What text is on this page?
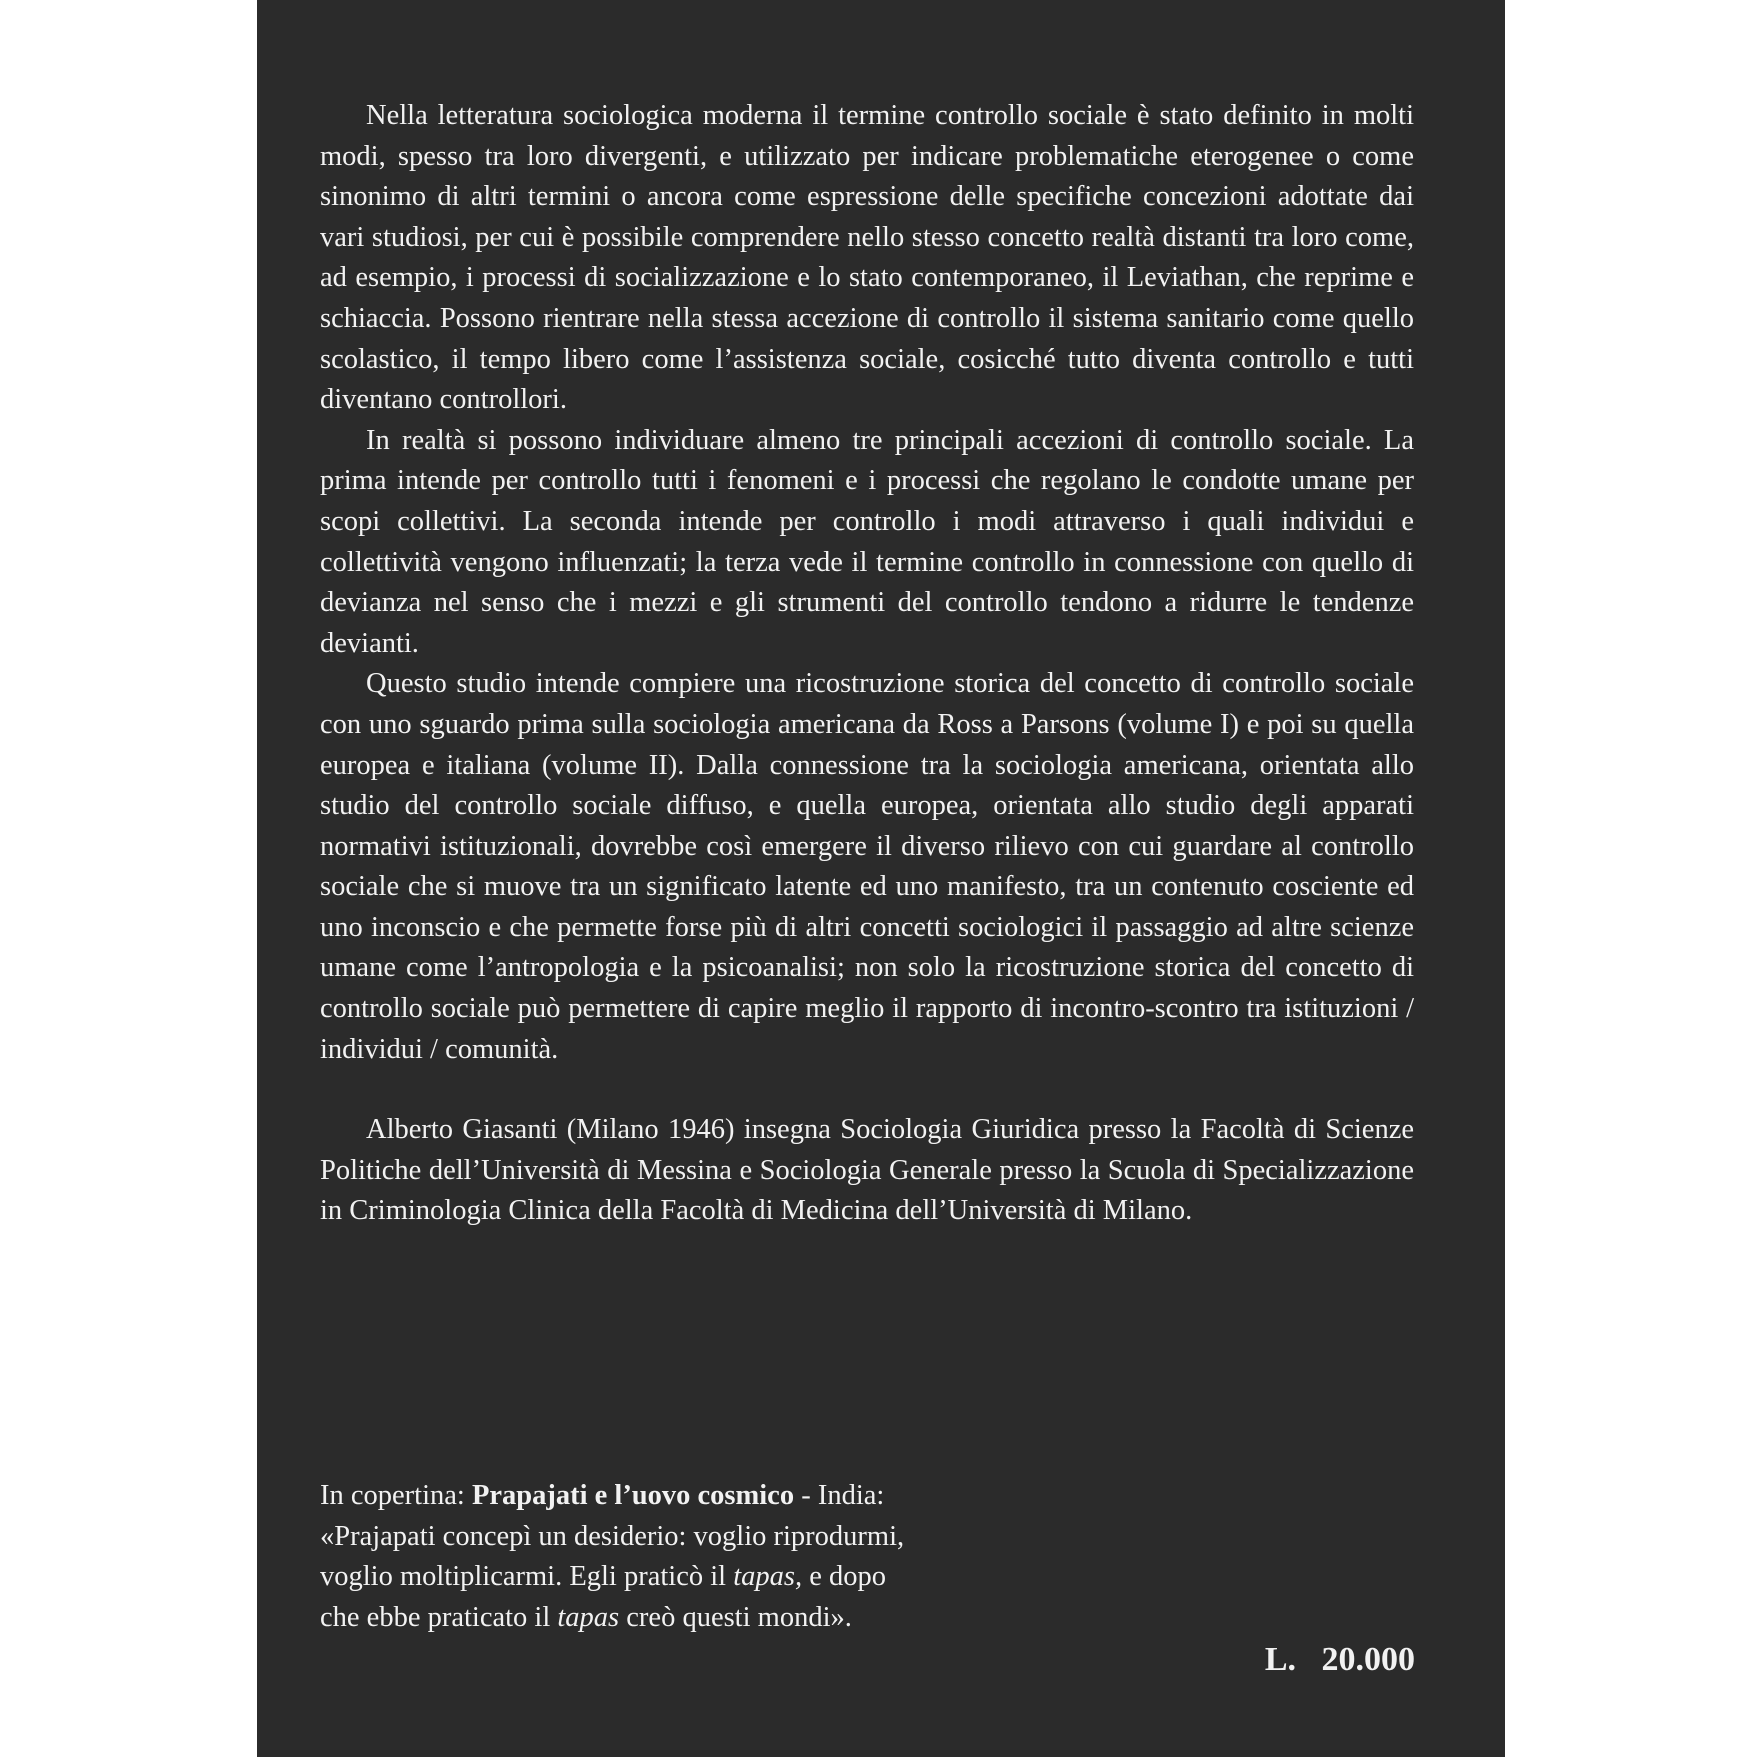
Nella letteratura sociologica moderna il termine controllo sociale è stato definito in molti modi, spesso tra loro divergenti, e utilizzato per indicare problematiche eterogenee o come sinonimo di altri termini o ancora come espressione delle specifiche concezioni adottate dai vari studiosi, per cui è possibile comprendere nello stesso concetto realtà distanti tra loro come, ad esempio, i processi di socializzazione e lo stato contemporaneo, il Leviathan, che reprime e schiaccia. Possono rientrare nella stessa accezione di controllo il sistema sanitario come quello scolastico, il tempo libero come l’assistenza sociale, cosicché tutto diventa controllo e tutti diventano controllori.

In realtà si possono individuare almeno tre principali accezioni di controllo sociale. La prima intende per controllo tutti i fenomeni e i processi che regolano le condotte umane per scopi collettivi. La seconda intende per controllo i modi attraverso i quali individui e collettività vengono influenzati; la terza vede il termine controllo in connessione con quello di devianza nel senso che i mezzi e gli strumenti del controllo tendono a ridurre le tendenze devianti.

Questo studio intende compiere una ricostruzione storica del concetto di controllo sociale con uno sguardo prima sulla sociologia americana da Ross a Parsons (volume I) e poi su quella europea e italiana (volume II). Dalla connessione tra la sociologia americana, orientata allo studio del controllo sociale diffuso, e quella europea, orientata allo studio degli apparati normativi istituzionali, dovrebbe così emergere il diverso rilievo con cui guardare al controllo sociale che si muove tra un significato latente ed uno manifesto, tra un contenuto cosciente ed uno inconscio e che permette forse più di altri concetti sociologici il passaggio ad altre scienze umane come l’antropologia e la psicoanalisi; non solo la ricostruzione storica del concetto di controllo sociale può permettere di capire meglio il rapporto di incontro-scontro tra istituzioni / individui / comunità.

Alberto Giasanti (Milano 1946) insegna Sociologia Giuridica presso la Facoltà di Scienze Politiche dell’Università di Messina e Sociologia Generale presso la Scuola di Specializzazione in Criminologia Clinica della Facoltà di Medicina dell’Università di Milano.

In copertina: Prapajati e l’uovo cosmico - India:
«Prajapati concepì un desiderio: voglio riprodurmi,
voglio moltiplicarmi. Egli praticò il tapas, e dopo
che ebbe praticato il tapas creò questi mondi».

L.   20.000
